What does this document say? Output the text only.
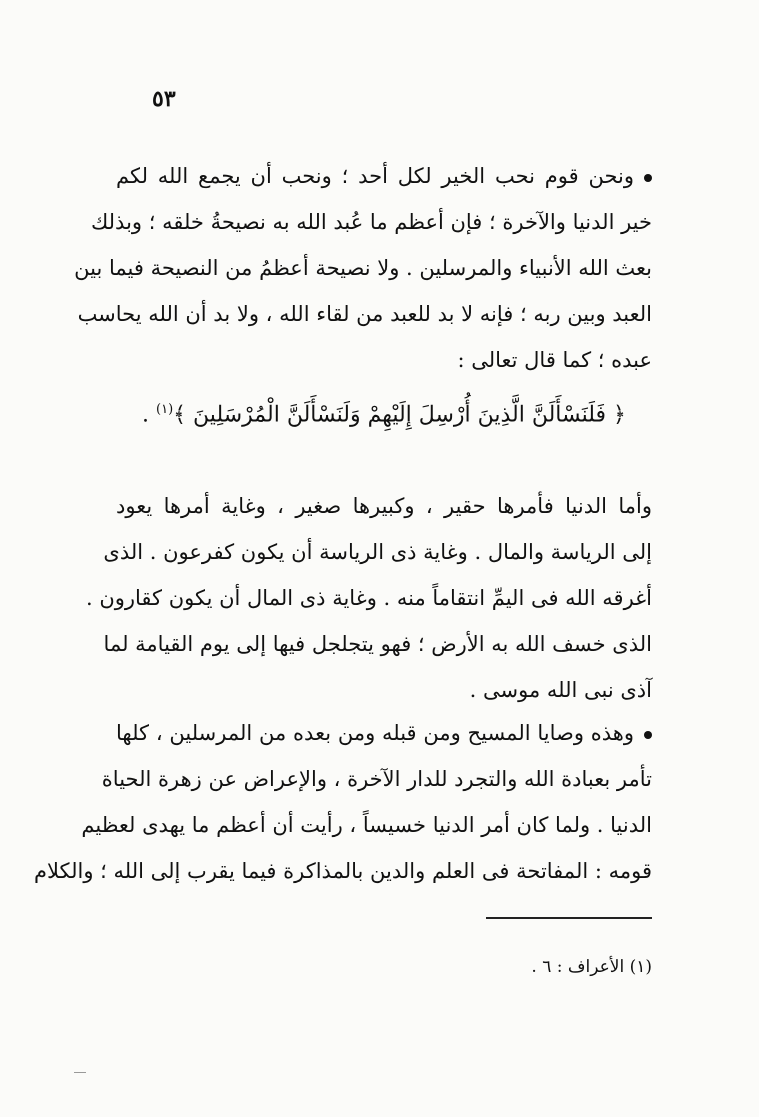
٥٣
ونحن قوم نحب الخير لكل أحد ؛ ونحب أن يجمع الله لكم
خير الدنيا والآخرة ؛ فإن أعظم ما عُبد الله به نصيحةُ خلقه ؛ وبذلك
بعث الله الأنبياء والمرسلين . ولا نصيحة أعظمُ من النصيحة فيما بين
العبد وبين ربه ؛ فإنه لا بد للعبد من لقاء الله ، ولا بد أن الله يحاسب
عبده ؛ كما قال تعالى :
﴿ فَلَنَسْأَلَنَّ الَّذِينَ أُرْسِلَ إِلَيْهِمْ وَلَنَسْأَلَنَّ الْمُرْسَلِينَ ﴾$^{(١)}$ .
وأما الدنيا فأمرها حقير ، وكبيرها صغير ، وغاية أمرها يعود
إلى الرياسة والمال . وغاية ذى الرياسة أن يكون كفرعون . الذى
أغرقه الله فى اليمِّ انتقاماً منه . وغاية ذى المال أن يكون كقارون .
الذى خسف الله به الأرض ؛ فهو يتجلجل فيها إلى يوم القيامة لما
آذى نبى الله موسى .
وهذه وصايا المسيح ومن قبله ومن بعده من المرسلين ، كلها
تأمر بعبادة الله والتجرد للدار الآخرة ، والإعراض عن زهرة الحياة
الدنيا . ولما كان أمر الدنيا خسيساً ، رأيت أن أعظم ما يهدى لعظيم
قومه : المفاتحة فى العلم والدين بالمذاكرة فيما يقرب إلى الله ؛ والكلام
(١) الأعراف : ٦ .
